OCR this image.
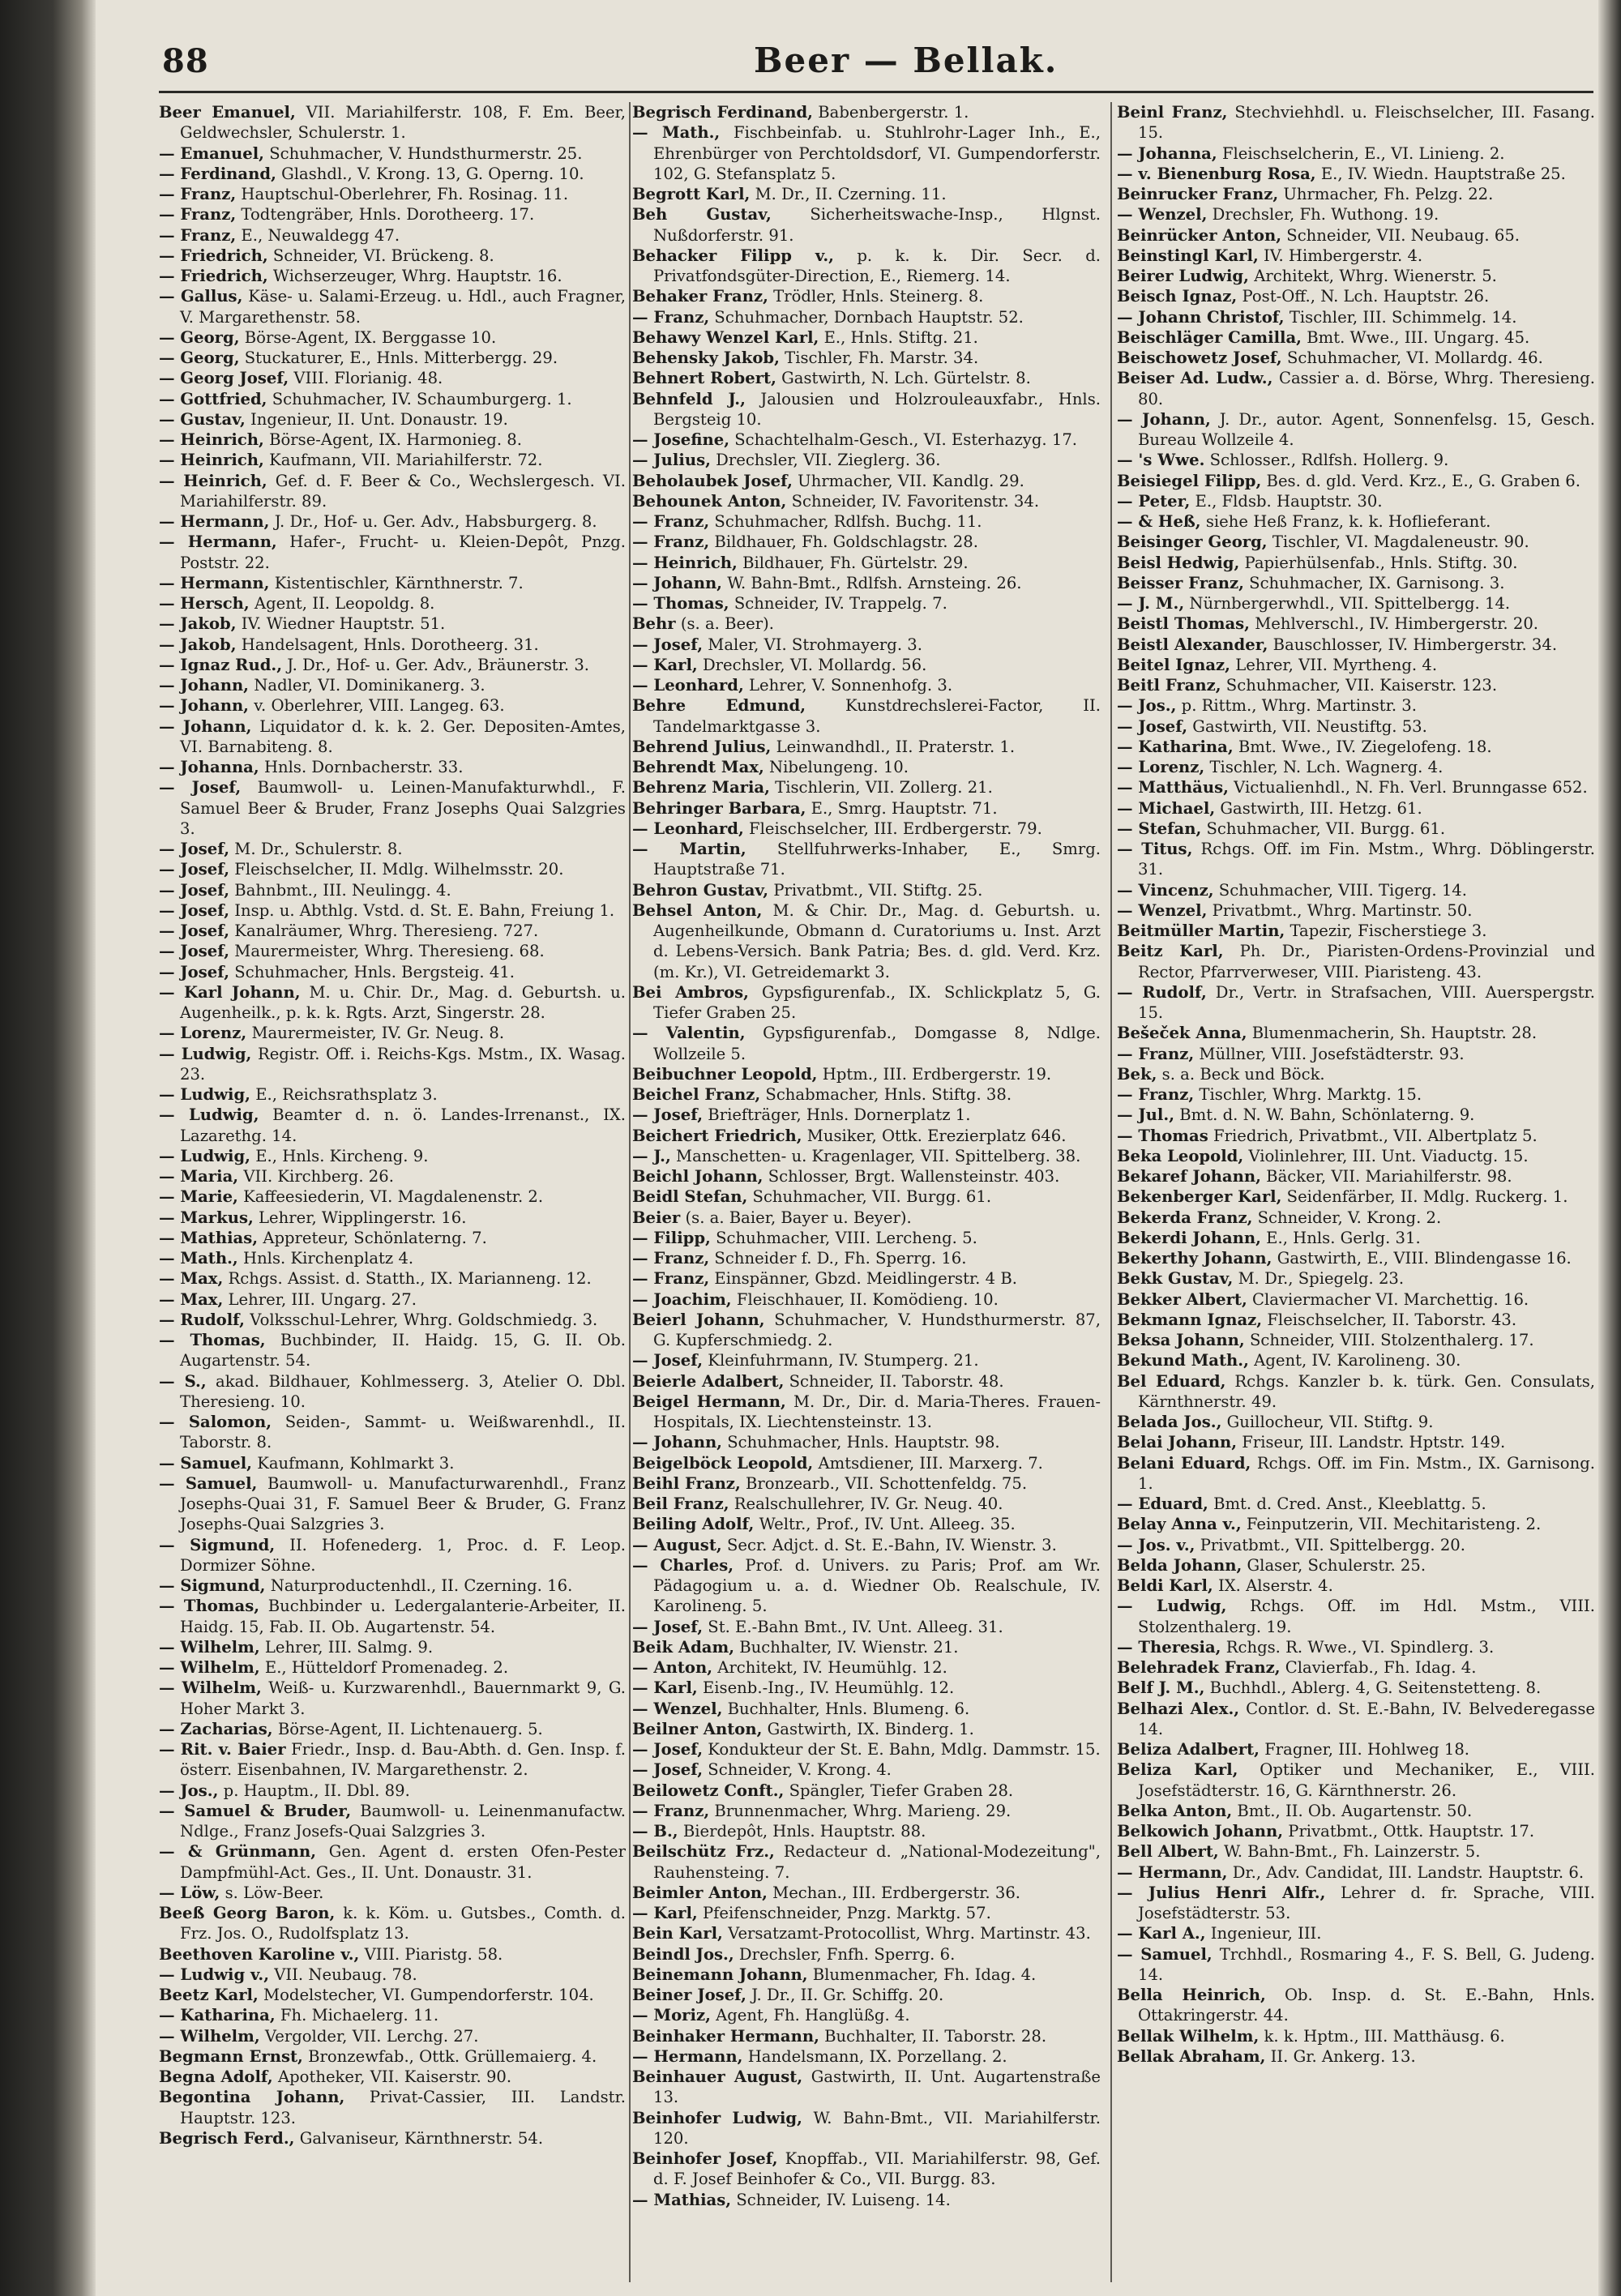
88	Beer — Bellak.

Beer Emanuel, VII. Mariahilferstr. 108, F. Em. Beer, Geldwechsler, Schulerstr. 1.

— Emanuel, Schuhmacher, V. Hundsthurmerstr. 25.

— Ferdinand, Glashdl., V. Krong. 13, G. Operng. 10.

— Franz, Hauptschul-Oberlehrer, Fh. Rosinag. 11.

— Franz, Todtengräber, Hnls. Dorotheerg. 17.

— Franz, E., Neuwaldegg 47.

— Friedrich, Schneider, VI. Brückeng. 8.

— Friedrich, Wichserzeuger, Whrg. Hauptstr. 16.

— Gallus, Käse- u. Salami-Erzeug. u. Hdl., auch Fragner, V. Margarethenstr. 58.

— Georg, Börse-Agent, IX. Berggasse 10.

— Georg, Stuckaturer, E., Hnls. Mitterbergg. 29.

— Georg Josef, VIII. Florianig. 48.

— Gottfried, Schuhmacher, IV. Schaumburgerg. 1.

— Gustav, Ingenieur, II. Unt. Donaustr. 19.

— Heinrich, Börse-Agent, IX. Harmonieg. 8.

— Heinrich, Kaufmann, VII. Mariahilferstr. 72.

— Heinrich, Gef. d. F. Beer & Co., Wechslergesch. VI. Mariahilferstr. 89.

— Hermann, J. Dr., Hof- u. Ger. Adv., Habsburgerg. 8.

— Hermann, Hafer-, Frucht- u. Kleien-Depôt, Pnzg. Poststr. 22.

— Hermann, Kistentischler, Kärnthnerstr. 7.

— Hersch, Agent, II. Leopoldg. 8.

— Jakob, IV. Wiedner Hauptstr. 51.

— Jakob, Handelsagent, Hnls. Dorotheerg. 31.

— Ignaz Rud., J. Dr., Hof- u. Ger. Adv., Bräunerstr. 3.

— Johann, Nadler, VI. Dominikanerg. 3.

— Johann, v. Oberlehrer, VIII. Langeg. 63.

— Johann, Liquidator d. k. k. 2. Ger. Depositen-Amtes, VI. Barnabiteng. 8.

— Johanna, Hnls. Dornbacherstr. 33.

— Josef, Baumwoll- u. Leinen-Manufakturwhdl., F. Samuel Beer & Bruder, Franz Josephs Quai Salzgries 3.

— Josef, M. Dr., Schulerstr. 8.

— Josef, Fleischselcher, II. Mdlg. Wilhelmsstr. 20.

— Josef, Bahnbmt., III. Neulingg. 4.

— Josef, Insp. u. Abthlg. Vstd. d. St. E. Bahn, Freiung 1.

— Josef, Kanalräumer, Whrg. Theresieng. 727.

— Josef, Maurermeister, Whrg. Theresieng. 68.

— Josef, Schuhmacher, Hnls. Bergsteig. 41.

— Karl Johann, M. u. Chir. Dr., Mag. d. Geburtsh. u. Augenheilk., p. k. k. Rgts. Arzt, Singerstr. 28.

— Lorenz, Maurermeister, IV. Gr. Neug. 8.

— Ludwig, Registr. Off. i. Reichs-Kgs. Mstm., IX. Wasag. 23.

— Ludwig, E., Reichsrathsplatz 3.

— Ludwig, Beamter d. n. ö. Landes-Irrenanst., IX. Lazarethg. 14.

— Ludwig, E., Hnls. Kircheng. 9.

— Maria, VII. Kirchberg. 26.

— Marie, Kaffeesiederin, VI. Magdalenenstr. 2.

— Markus, Lehrer, Wipplingerstr. 16.

— Mathias, Appreteur, Schönlaterng. 7.

— Math., Hnls. Kirchenplatz 4.

— Max, Rchgs. Assist. d. Statth., IX. Marianneng. 12.

— Max, Lehrer, III. Ungarg. 27.

— Rudolf, Volksschul-Lehrer, Whrg. Goldschmiedg. 3.

— Thomas, Buchbinder, II. Haidg. 15, G. II. Ob. Augartenstr. 54.

— S., akad. Bildhauer, Kohlmesserg. 3, Atelier O. Dbl. Theresieng. 10.

— Salomon, Seiden-, Sammt- u. Weißwarenhdl., II. Taborstr. 8.

— Samuel, Kaufmann, Kohlmarkt 3.

— Samuel, Baumwoll- u. Manufacturwarenhdl., Franz Josephs-Quai 31, F. Samuel Beer & Bruder, G. Franz Josephs-Quai Salzgries 3.

— Sigmund, II. Hofenederg. 1, Proc. d. F. Leop. Dormizer Söhne.

— Sigmund, Naturproductenhdl., II. Czerning. 16.

— Thomas, Buchbinder u. Ledergalanterie-Arbeiter, II. Haidg. 15, Fab. II. Ob. Augartenstr. 54.

— Wilhelm, Lehrer, III. Salmg. 9.

— Wilhelm, E., Hütteldorf Promenadeg. 2.

— Wilhelm, Weiß- u. Kurzwarenhdl., Bauernmarkt 9, G. Hoher Markt 3.

— Zacharias, Börse-Agent, II. Lichtenauerg. 5.

— Rit. v. Baier Friedr., Insp. d. Bau-Abth. d. Gen. Insp. f. österr. Eisenbahnen, IV. Margarethenstr. 2.

— Jos., p. Hauptm., II. Dbl. 89.

— Samuel & Bruder, Baumwoll- u. Leinenmanufactw. Ndlge., Franz Josefs-Quai Salzgries 3.

— & Grünmann, Gen. Agent d. ersten Ofen-Pester Dampfmühl-Act. Ges., II. Unt. Donaustr. 31.

— Löw, s. Löw-Beer.

Beeß Georg Baron, k. k. Köm. u. Gutsbes., Comth. d. Frz. Jos. O., Rudolfsplatz 13.

Beethoven Karoline v., VIII. Piaristg. 58.

— Ludwig v., VII. Neubaug. 78.

Beetz Karl, Modelstecher, VI. Gumpendorferstr. 104.

— Katharina, Fh. Michaelerg. 11.

— Wilhelm, Vergolder, VII. Lerchg. 27.

Begmann Ernst, Bronzewfab., Ottk. Grüllemaierg. 4.

Begna Adolf, Apotheker, VII. Kaiserstr. 90.

Begontina Johann, Privat-Cassier, III. Landstr. Hauptstr. 123.

Begrisch Ferd., Galvaniseur, Kärnthnerstr. 54.

Begrisch Ferdinand, Babenbergerstr. 1.

— Math., Fischbeinfab. u. Stuhlrohr-Lager Inh., E., Ehrenbürger von Perchtoldsdorf, VI. Gumpendorferstr. 102, G. Stefansplatz 5.

Begrott Karl, M. Dr., II. Czerning. 11.

Beh Gustav, Sicherheitswache-Insp., Hlgnst. Nußdorferstr. 91.

Behacker Filipp v., p. k. k. Dir. Secr. d. Privatfondsgüter-Direction, E., Riemerg. 14.

Behaker Franz, Trödler, Hnls. Steinerg. 8.

— Franz, Schuhmacher, Dornbach Hauptstr. 52.

Behawy Wenzel Karl, E., Hnls. Stiftg. 21.

Behensky Jakob, Tischler, Fh. Marstr. 34.

Behnert Robert, Gastwirth, N. Lch. Gürtelstr. 8.

Behnfeld J., Jalousien und Holzrouleauxfabr., Hnls. Bergsteig 10.

— Josefine, Schachtelhalm-Gesch., VI. Esterhazyg. 17.

— Julius, Drechsler, VII. Zieglerg. 36.

Beholaubek Josef, Uhrmacher, VII. Kandlg. 29.

Behounek Anton, Schneider, IV. Favoritenstr. 34.

— Franz, Schuhmacher, Rdlfsh. Buchg. 11.

— Franz, Bildhauer, Fh. Goldschlagstr. 28.

— Heinrich, Bildhauer, Fh. Gürtelstr. 29.

— Johann, W. Bahn-Bmt., Rdlfsh. Arnsteing. 26.

— Thomas, Schneider, IV. Trappelg. 7.

Behr (s. a. Beer).

— Josef, Maler, VI. Strohmayerg. 3.

— Karl, Drechsler, VI. Mollardg. 56.

— Leonhard, Lehrer, V. Sonnenhofg. 3.

Behre Edmund, Kunstdrechslerei-Factor, II. Tandelmarktgasse 3.

Behrend Julius, Leinwandhdl., II. Praterstr. 1.

Behrendt Max, Nibelungeng. 10.

Behrenz Maria, Tischlerin, VII. Zollerg. 21.

Behringer Barbara, E., Smrg. Hauptstr. 71.

— Leonhard, Fleischselcher, III. Erdbergerstr. 79.

— Martin, Stellfuhrwerks-Inhaber, E., Smrg. Hauptstraße 71.

Behron Gustav, Privatbmt., VII. Stiftg. 25.

Behsel Anton, M. & Chir. Dr., Mag. d. Geburtsh. u. Augenheilkunde, Obmann d. Curatoriums u. Inst. Arzt d. Lebens-Versich. Bank Patria; Bes. d. gld. Verd. Krz. (m. Kr.), VI. Getreidemarkt 3.

Bei Ambros, Gypsfigurenfab., IX. Schlickplatz 5, G. Tiefer Graben 25.

— Valentin, Gypsfigurenfab., Domgasse 8, Ndlge. Wollzeile 5.

Beibuchner Leopold, Hptm., III. Erdbergerstr. 19.

Beichel Franz, Schabmacher, Hnls. Stiftg. 38.

— Josef, Briefträger, Hnls. Dornerplatz 1.

Beichert Friedrich, Musiker, Ottk. Erezierplatz 646.

— J., Manschetten- u. Kragenlager, VII. Spittelberg. 38.

Beichl Johann, Schlosser, Brgt. Wallensteinstr. 403.

Beidl Stefan, Schuhmacher, VII. Burgg. 61.

Beier (s. a. Baier, Bayer u. Beyer).

— Filipp, Schuhmacher, VIII. Lercheng. 5.

— Franz, Schneider f. D., Fh. Sperrg. 16.

— Franz, Einspänner, Gbzd. Meidlingerstr. 4 B.

— Joachim, Fleischhauer, II. Komödieng. 10.

Beierl Johann, Schuhmacher, V. Hundsthurmerstr. 87, G. Kupferschmiedg. 2.

— Josef, Kleinfuhrmann, IV. Stumperg. 21.

Beierle Adalbert, Schneider, II. Taborstr. 48.

Beigel Hermann, M. Dr., Dir. d. Maria-Theres. Frauen-Hospitals, IX. Liechtensteinstr. 13.

— Johann, Schuhmacher, Hnls. Hauptstr. 98.

Beigelböck Leopold, Amtsdiener, III. Marxerg. 7.

Beihl Franz, Bronzearb., VII. Schottenfeldg. 75.

Beil Franz, Realschullehrer, IV. Gr. Neug. 40.

Beiling Adolf, Weltr., Prof., IV. Unt. Alleeg. 35.

— August, Secr. Adjct. d. St. E.-Bahn, IV. Wienstr. 3.

— Charles, Prof. d. Univers. zu Paris; Prof. am Wr. Pädagogium u. a. d. Wiedner Ob. Realschule, IV. Karolineng. 5.

— Josef, St. E.-Bahn Bmt., IV. Unt. Alleeg. 31.

Beik Adam, Buchhalter, IV. Wienstr. 21.

— Anton, Architekt, IV. Heumühlg. 12.

— Karl, Eisenb.-Ing., IV. Heumühlg. 12.

— Wenzel, Buchhalter, Hnls. Blumeng. 6.

Beilner Anton, Gastwirth, IX. Binderg. 1.

— Josef, Kondukteur der St. E. Bahn, Mdlg. Dammstr. 15.

— Josef, Schneider, V. Krong. 4.

Beilowetz Conft., Spängler, Tiefer Graben 28.

— Franz, Brunnenmacher, Whrg. Marieng. 29.

— B., Bierdepôt, Hnls. Hauptstr. 88.

Beilschütz Frz., Redacteur d. „National-Modezeitung", Rauhensteing. 7.

Beimler Anton, Mechan., III. Erdbergerstr. 36.

— Karl, Pfeifenschneider, Pnzg. Marktg. 57.

Bein Karl, Versatzamt-Protocollist, Whrg. Martinstr. 43.

Beindl Jos., Drechsler, Fnfh. Sperrg. 6.

Beinemann Johann, Blumenmacher, Fh. Idag. 4.

Beiner Josef, J. Dr., II. Gr. Schiffg. 20.

— Moriz, Agent, Fh. Hanglüßg. 4.

Beinhaker Hermann, Buchhalter, II. Taborstr. 28.

— Hermann, Handelsmann, IX. Porzellang. 2.

Beinhauer August, Gastwirth, II. Unt. Augartenstraße 13.

Beinhofer Ludwig, W. Bahn-Bmt., VII. Mariahilferstr. 120.

Beinhofer Josef, Knopffab., VII. Mariahilferstr. 98, Gef. d. F. Josef Beinhofer & Co., VII. Burgg. 83.

— Mathias, Schneider, IV. Luiseng. 14.

Beinl Franz, Stechviehhdl. u. Fleischselcher, III. Fasang. 15.

— Johanna, Fleischselcherin, E., VI. Linieng. 2.

— v. Bienenburg Rosa, E., IV. Wiedn. Hauptstraße 25.

Beinrucker Franz, Uhrmacher, Fh. Pelzg. 22.

— Wenzel, Drechsler, Fh. Wuthong. 19.

Beinrücker Anton, Schneider, VII. Neubaug. 65.

Beinstingl Karl, IV. Himbergerstr. 4.

Beirer Ludwig, Architekt, Whrg. Wienerstr. 5.

Beisch Ignaz, Post-Off., N. Lch. Hauptstr. 26.

— Johann Christof, Tischler, III. Schimmelg. 14.

Beischläger Camilla, Bmt. Wwe., III. Ungarg. 45.

Beischowetz Josef, Schuhmacher, VI. Mollardg. 46.

Beiser Ad. Ludw., Cassier a. d. Börse, Whrg. Theresieng. 80.

— Johann, J. Dr., autor. Agent, Sonnenfelsg. 15, Gesch. Bureau Wollzeile 4.

— 's Wwe. Schlosser., Rdlfsh. Hollerg. 9.

Beisiegel Filipp, Bes. d. gld. Verd. Krz., E., G. Graben 6.

— Peter, E., Fldsb. Hauptstr. 30.

— & Heß, siehe Heß Franz, k. k. Hoflieferant.

Beisinger Georg, Tischler, VI. Magdaleneustr. 90.

Beisl Hedwig, Papierhülsenfab., Hnls. Stiftg. 30.

Beisser Franz, Schuhmacher, IX. Garnisong. 3.

— J. M., Nürnbergerwhdl., VII. Spittelbergg. 14.

Beistl Thomas, Mehlverschl., IV. Himbergerstr. 20.

Beistl Alexander, Bauschlosser, IV. Himbergerstr. 34.

Beitel Ignaz, Lehrer, VII. Myrtheng. 4.

Beitl Franz, Schuhmacher, VII. Kaiserstr. 123.

— Jos., p. Rittm., Whrg. Martinstr. 3.

— Josef, Gastwirth, VII. Neustiftg. 53.

— Katharina, Bmt. Wwe., IV. Ziegelofeng. 18.

— Lorenz, Tischler, N. Lch. Wagnerg. 4.

— Matthäus, Victualienhdl., N. Fh. Verl. Brunngasse 652.

— Michael, Gastwirth, III. Hetzg. 61.

— Stefan, Schuhmacher, VII. Burgg. 61.

— Titus, Rchgs. Off. im Fin. Mstm., Whrg. Döblingerstr. 31.

— Vincenz, Schuhmacher, VIII. Tigerg. 14.

— Wenzel, Privatbmt., Whrg. Martinstr. 50.

Beitmüller Martin, Tapezir, Fischerstiege 3.

Beitz Karl, Ph. Dr., Piaristen-Ordens-Provinzial und Rector, Pfarrverweser, VIII. Piaristeng. 43.

— Rudolf, Dr., Vertr. in Strafsachen, VIII. Auerspergstr. 15.

Bešeček Anna, Blumenmacherin, Sh. Hauptstr. 28.

— Franz, Müllner, VIII. Josefstädterstr. 93.

Bek, s. a. Beck und Böck.

— Franz, Tischler, Whrg. Marktg. 15.

— Jul., Bmt. d. N. W. Bahn, Schönlaterng. 9.

— Thomas Friedrich, Privatbmt., VII. Albertplatz 5.

Beka Leopold, Violinlehrer, III. Unt. Viaductg. 15.

Bekaref Johann, Bäcker, VII. Mariahilferstr. 98.

Bekenberger Karl, Seidenfärber, II. Mdlg. Ruckerg. 1.

Bekerda Franz, Schneider, V. Krong. 2.

Bekerdi Johann, E., Hnls. Gerlg. 31.

Bekerthy Johann, Gastwirth, E., VIII. Blindengasse 16.

Bekk Gustav, M. Dr., Spiegelg. 23.

Bekker Albert, Claviermacher VI. Marchettig. 16.

Bekmann Ignaz, Fleischselcher, II. Taborstr. 43.

Beksa Johann, Schneider, VIII. Stolzenthalerg. 17.

Bekund Math., Agent, IV. Karolineng. 30.

Bel Eduard, Rchgs. Kanzler b. k. türk. Gen. Consulats, Kärnthnerstr. 49.

Belada Jos., Guillocheur, VII. Stiftg. 9.

Belai Johann, Friseur, III. Landstr. Hptstr. 149.

Belani Eduard, Rchgs. Off. im Fin. Mstm., IX. Garnisong. 1.

— Eduard, Bmt. d. Cred. Anst., Kleeblattg. 5.

Belay Anna v., Feinputzerin, VII. Mechitaristeng. 2.

— Jos. v., Privatbmt., VII. Spittelbergg. 20.

Belda Johann, Glaser, Schulerstr. 25.

Beldi Karl, IX. Alserstr. 4.

— Ludwig, Rchgs. Off. im Hdl. Mstm., VIII. Stolzenthalerg. 19.

— Theresia, Rchgs. R. Wwe., VI. Spindlerg. 3.

Belehradek Franz, Clavierfab., Fh. Idag. 4.

Belf J. M., Buchhdl., Ablerg. 4, G. Seitenstetteng. 8.

Belhazi Alex., Contlor. d. St. E.-Bahn, IV. Belvederegasse 14.

Beliza Adalbert, Fragner, III. Hohlweg 18.

Beliza Karl, Optiker und Mechaniker, E., VIII. Josefstädterstr. 16, G. Kärnthnerstr. 26.

Belka Anton, Bmt., II. Ob. Augartenstr. 50.

Belkowich Johann, Privatbmt., Ottk. Hauptstr. 17.

Bell Albert, W. Bahn-Bmt., Fh. Lainzerstr. 5.

— Hermann, Dr., Adv. Candidat, III. Landstr. Hauptstr. 6.

— Julius Henri Alfr., Lehrer d. fr. Sprache, VIII. Josefstädterstr. 53.

— Karl A., Ingenieur, III.

— Samuel, Trchhdl., Rosmaring 4., F. S. Bell, G. Judeng. 14.

Bella Heinrich, Ob. Insp. d. St. E.-Bahn, Hnls. Ottakringerstr. 44.

Bellak Wilhelm, k. k. Hptm., III. Matthäusg. 6.

Bellak Abraham, II. Gr. Ankerg. 13.
